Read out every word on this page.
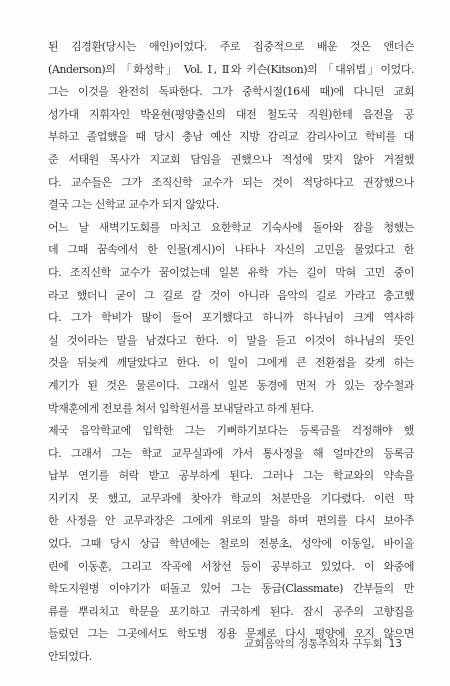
된 김경환(당시는 애인)이었다. 주로 집중적으로 배운 것은 앤더슨
(Anderson)의 「화성학」 Vol. Ⅰ, Ⅱ와 키슨(Kitson)의 「대위법」이었다.
그는 이것을 완전히 독파한다. 그가 중학시절(16세 때)에 다니던 교회
성가대 지휘자인 박윤현(평양출신의 대전 철도국 직원)한테 음전을 공
부하고 졸업했을 때 당시 충남 예산 지방 감리교 감리사이고 학비를 대
준 서태원 목사가 지교회 담임을 권했으나 적성에 맞지 않아 거절했
다. 교수들은 그가 조직신학 교수가 되는 것이 적당하다고 권장했으나
결국 그는 신학교 교수가 되지 않았다.
어느 날 새벽기도회를 마치고 요한학교 기숙사에 돌아와 잠을 청했는
데 그때 꿈속에서 한 인물(계시)이 나타나 자신의 고민을 물었다고 한
다. 조직신학 교수가 꿈이었는데 일본 유학 가는 길이 막혀 고민 중이
라고 했더니 굳이 그 길로 갈 것이 아니라 음악의 길로 가라고 충고했
다. 그가 학비가 많이 들어 포기했다고 하니까 하나님이 크게 역사하
실 것이라는 말을 남겼다고 한다. 이 말을 듣고 이것이 하나님의 뜻인
것을 뒤늦게 깨달았다고 한다. 이 일이 그에게 큰 전환점을 갖게 하는
계기가 된 것은 물론이다. 그래서 일본 동경에 먼저 가 있는 장수철과
박재훈에게 전보를 쳐서 입학원서를 보내달라고 하게 된다.
제국 음악학교에 입학한 그는 기뻐하기보다는 등록금을 걱정해야 했
다. 그래서 그는 학교 교무실과에 가서 통사정을 해 얼마간의 등록금
납부 연기를 허락 받고 공부하게 된다. 그러나 그는 학교와의 약속을
지키지 못 했고, 교무과에 찾아가 학교의 처분만을 기다렸다. 이런 딱
한 사정을 안 교무과장은 그에게 위로의 말을 하며 편의를 다시 보아주
었다. 그때 당시 상급 학년에는 철로의 전봉초, 성악에 이동일, 바이올
린에 이동훈, 그리고 작곡에 서창선 등이 공부하고 있었다. 이 와중에
학도지원병 이야기가 떠돌고 있어 그는 동급(Classmate) 간부들의 만
류를 뿌리치고 학문을 포기하고 귀국하게 된다. 잠시 공주의 고향집을
들렀던 그는 그곳에서도 학도병 징용 문제로 다시 평양에 오지 않으면
안되었다.
교회음악의 정통주의자 구두회 13
